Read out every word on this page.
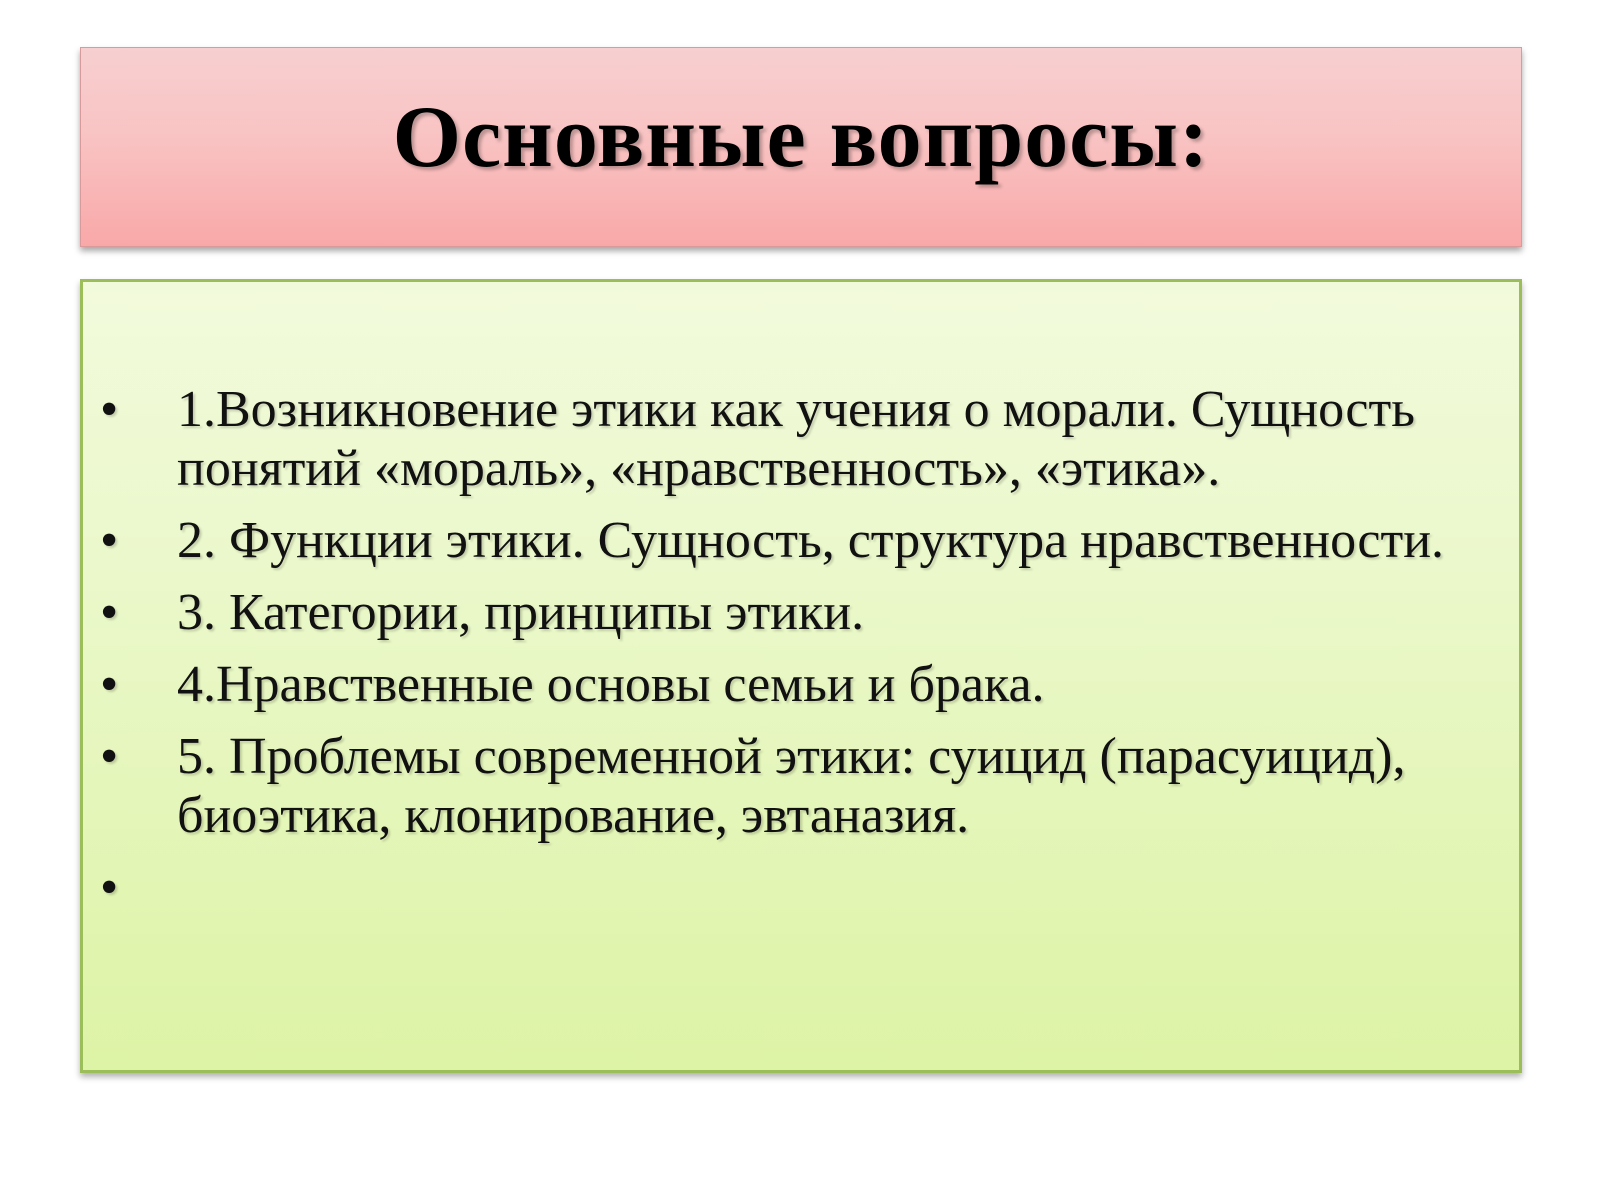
Основные вопросы:
•	1.Возникновение этики как учения о морали. Сущность понятий «мораль», «нравственность», «этика».
•	2. Функции этики. Сущность, структура нравственности.
•	3. Категории, принципы этики.
•	4.Нравственные основы семьи и брака.
•	5. Проблемы современной этики: суицид (парасуицид), биоэтика, клонирование, эвтаназия.
•
